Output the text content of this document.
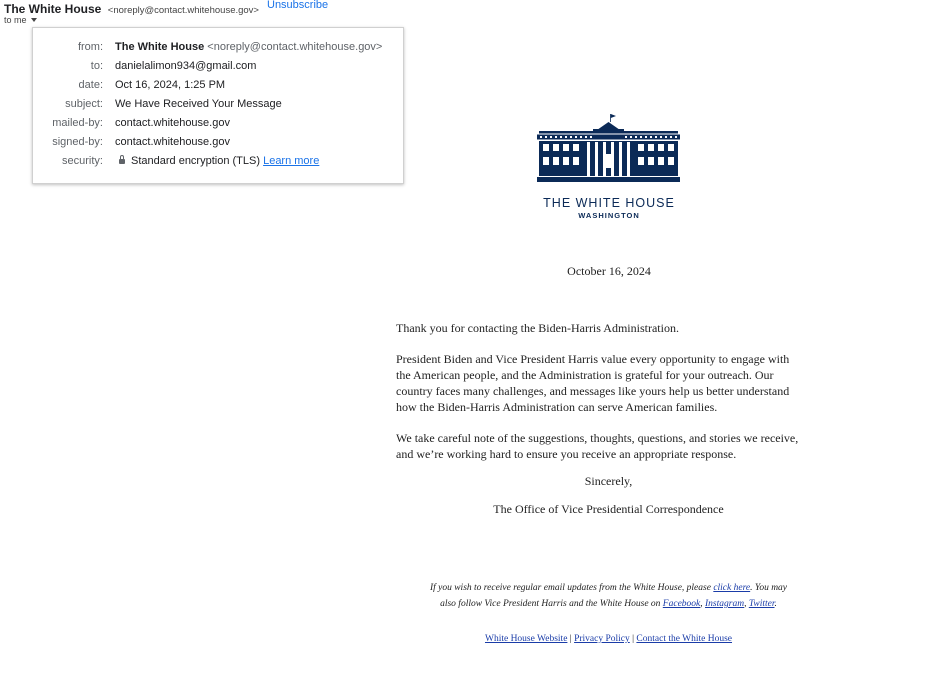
The White House <noreply@contact.whitehouse.gov> Unsubscribe
to me
from: The White House <noreply@contact.whitehouse.gov>
to: danielalimon934@gmail.com
date: Oct 16, 2024, 1:25 PM
subject: We Have Received Your Message
mailed-by: contact.whitehouse.gov
signed-by: contact.whitehouse.gov
security:	Standard encryption (TLS) Learn more
THE WHITE HOUSE
WASHINGTON
October 16, 2024
Thank you for contacting the Biden-Harris Administration.
President Biden and Vice President Harris value every opportunity to engage with
the American people, and the Administration is grateful for your outreach. Our
country faces many challenges, and messages like yours help us better understand
how the Biden-Harris Administration can serve American families.
We take careful note of the suggestions, thoughts, questions, and stories we receive,
and we’re working hard to ensure you receive an appropriate response.
Sincerely,
The Office of Vice Presidential Correspondence
If you wish to receive regular email updates from the White House, please click here. You may
also follow Vice President Harris and the White House on Facebook, Instagram, Twitter.
White House Website | Privacy Policy | Contact the White House
